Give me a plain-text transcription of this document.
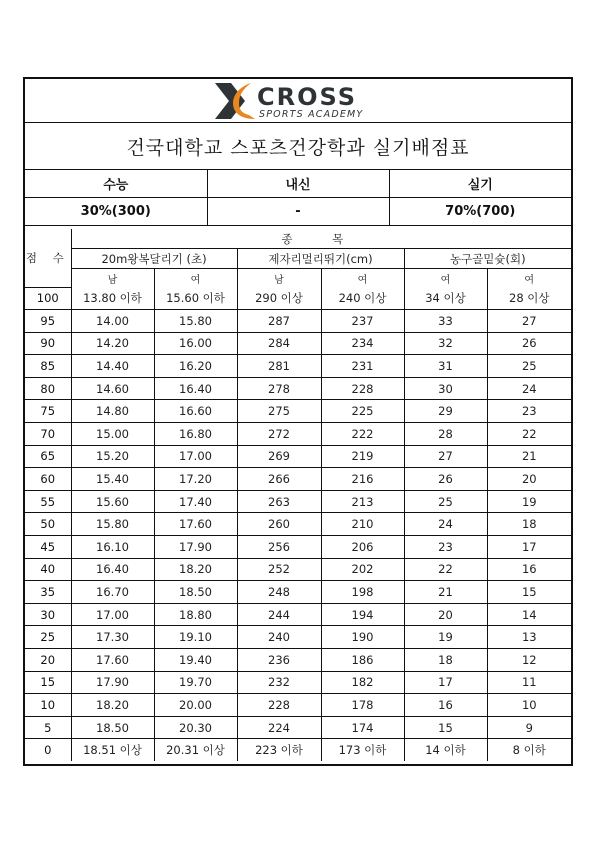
CROSS
SPORTS ACADEMY
건국대학교 스포츠건강학과 실기배점표
수능	내신	실기
30%(300)	-	70%(700)
점 수	종 목					
	20m왕복달리기 (초)		제자리멀리뛰기(cm)		농구골밑슛(회)	
	남	여	남	여	여	여
100	13.80 이하	15.60 이하	290 이상	240 이상	34 이상	28 이상
95	14.00	15.80	287	237	33	27
90	14.20	16.00	284	234	32	26
85	14.40	16.20	281	231	31	25
80	14.60	16.40	278	228	30	24
75	14.80	16.60	275	225	29	23
70	15.00	16.80	272	222	28	22
65	15.20	17.00	269	219	27	21
60	15.40	17.20	266	216	26	20
55	15.60	17.40	263	213	25	19
50	15.80	17.60	260	210	24	18
45	16.10	17.90	256	206	23	17
40	16.40	18.20	252	202	22	16
35	16.70	18.50	248	198	21	15
30	17.00	18.80	244	194	20	14
25	17.30	19.10	240	190	19	13
20	17.60	19.40	236	186	18	12
15	17.90	19.70	232	182	17	11
10	18.20	20.00	228	178	16	10
5	18.50	20.30	224	174	15	9
0	18.51 이상	20.31 이상	223 이하	173 이하	14 이하	8 이하
